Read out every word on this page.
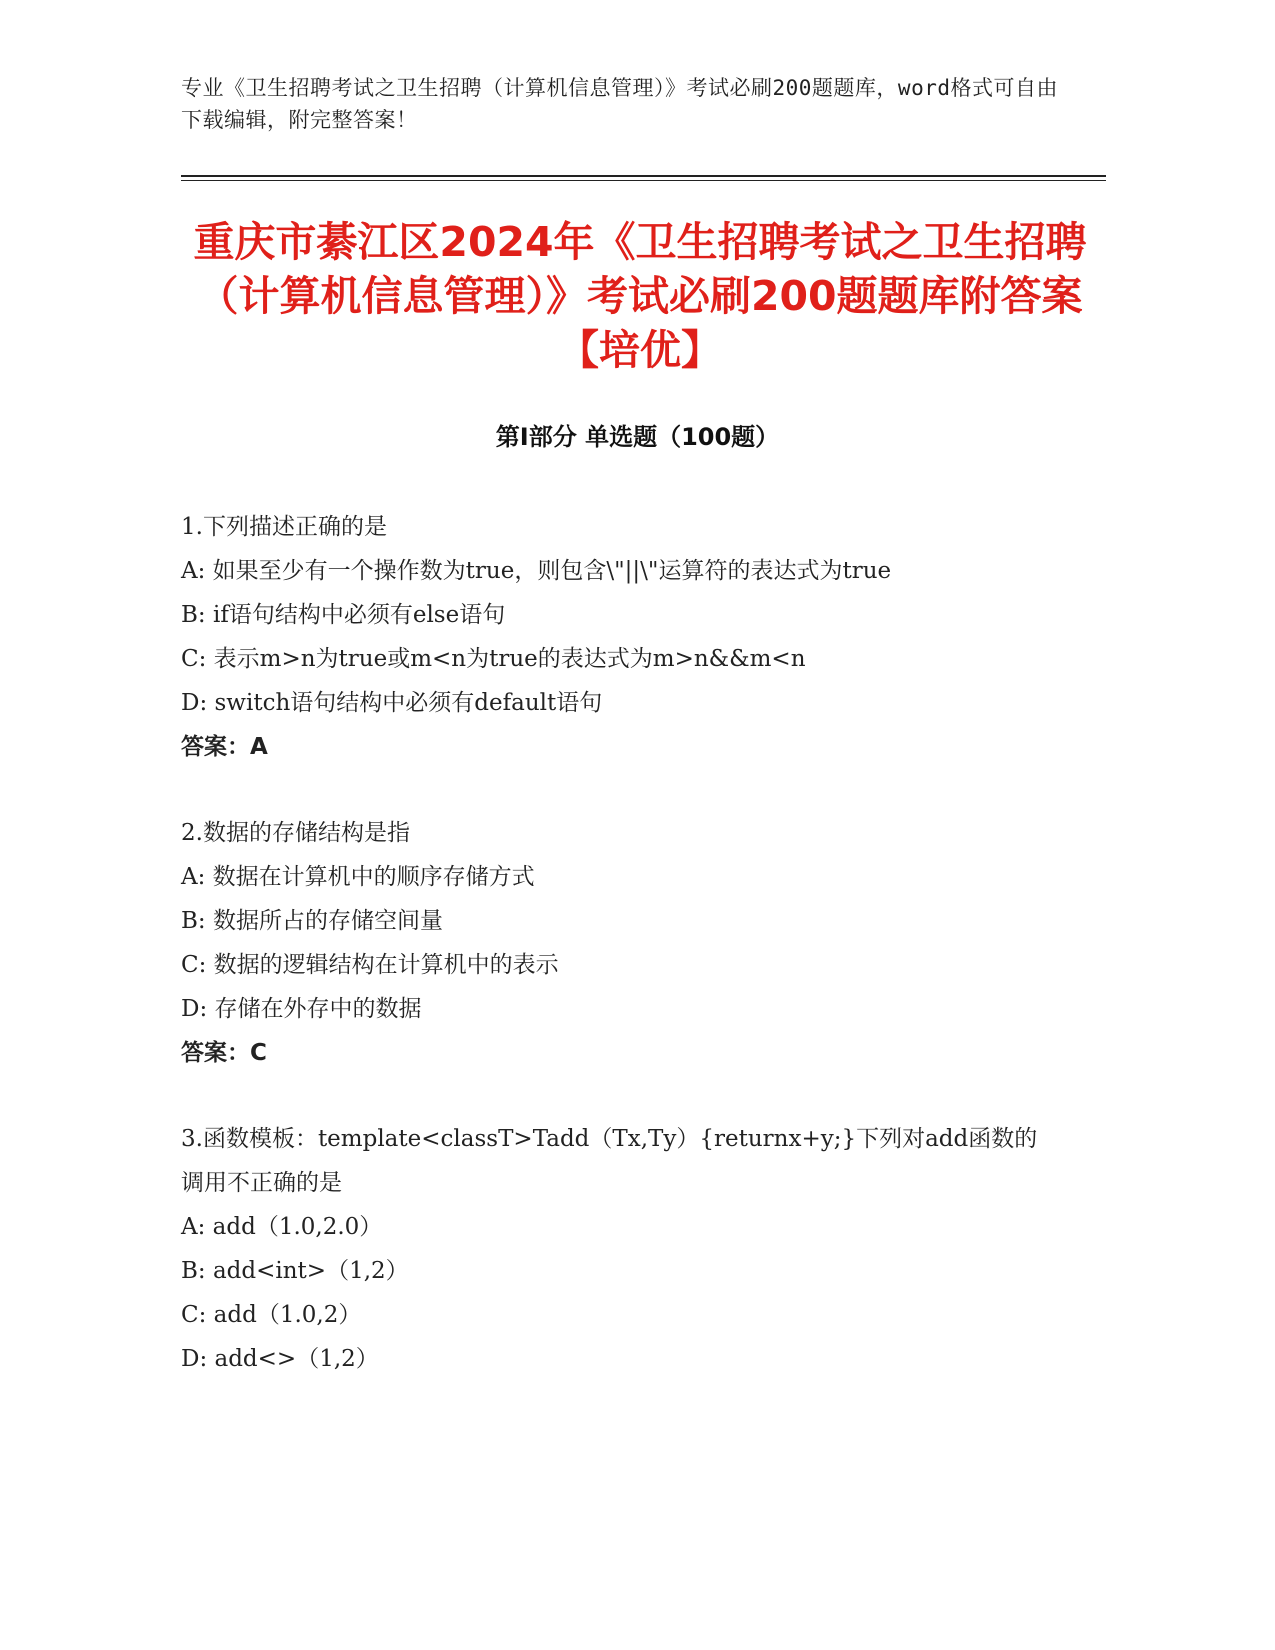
专业《卫生招聘考试之卫生招聘（计算机信息管理）》考试必刷200题题库，word格式可自由下载编辑，附完整答案！
重庆市綦江区2024年《卫生招聘考试之卫生招聘（计算机信息管理）》考试必刷200题题库附答案【培优】
第Ⅰ部分 单选题（100题）

1.下列描述正确的是

A: 如果至少有一个操作数为true，则包含\"||\"运算符的表达式为true

B: if语句结构中必须有else语句

C: 表示m>n为true或m<n为true的表达式为m>n&&m<n

D: switch语句结构中必须有default语句

答案：A

2.数据的存储结构是指

A: 数据在计算机中的顺序存储方式

B: 数据所占的存储空间量

C: 数据的逻辑结构在计算机中的表示

D: 存储在外存中的数据

答案：C

3.函数模板：template<classT>Tadd（Tx,Ty）{returnx+y;}下列对add函数的调用不正确的是

A: add（1.0,2.0）

B: add<int>（1,2）

C: add（1.0,2）

D: add<>（1,2）
